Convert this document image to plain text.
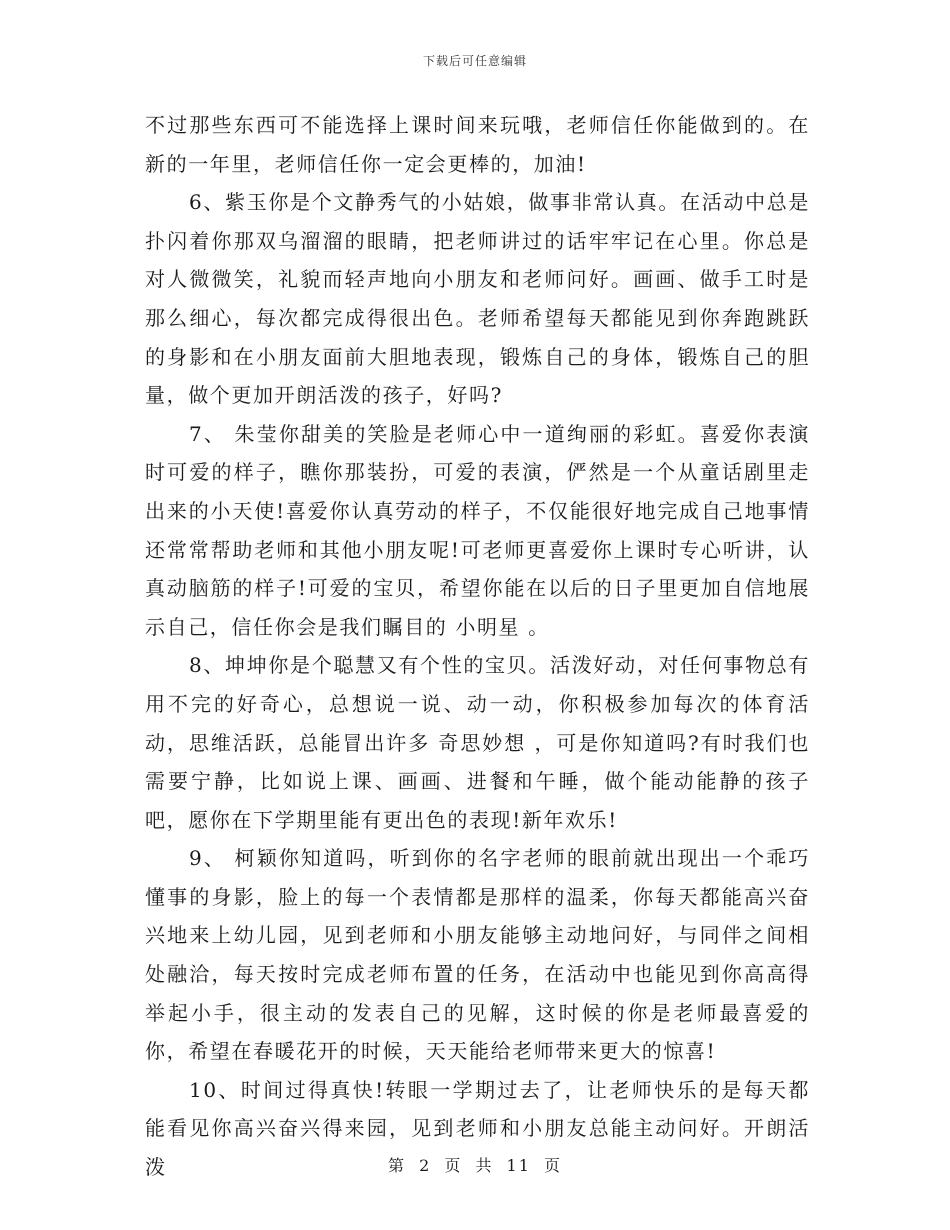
下载后可任意编辑

不过那些东西可不能选择上课时间来玩哦，老师信任你能做到的。在新的一年里，老师信任你一定会更棒的，加油!

6、紫玉你是个文静秀气的小姑娘，做事非常认真。在活动中总是扑闪着你那双乌溜溜的眼睛，把老师讲过的话牢牢记在心里。你总是对人微微笑，礼貌而轻声地向小朋友和老师问好。画画、做手工时是那么细心，每次都完成得很出色。老师希望每天都能见到你奔跑跳跃的身影和在小朋友面前大胆地表现，锻炼自己的身体，锻炼自己的胆量，做个更加开朗活泼的孩子，好吗?

7、 朱莹你甜美的笑脸是老师心中一道绚丽的彩虹。喜爱你表演时可爱的样子，瞧你那装扮，可爱的表演，俨然是一个从童话剧里走出来的小天使!喜爱你认真劳动的样子，不仅能很好地完成自己地事情还常常帮助老师和其他小朋友呢!可老师更喜爱你上课时专心听讲，认真动脑筋的样子!可爱的宝贝，希望你能在以后的日子里更加自信地展示自己，信任你会是我们瞩目的 小明星 。

8、坤坤你是个聪慧又有个性的宝贝。活泼好动，对任何事物总有用不完的好奇心，总想说一说、动一动，你积极参加每次的体育活动，思维活跃，总能冒出许多 奇思妙想 ，可是你知道吗?有时我们也需要宁静，比如说上课、画画、进餐和午睡，做个能动能静的孩子吧，愿你在下学期里能有更出色的表现!新年欢乐!

9、 柯颖你知道吗，听到你的名字老师的眼前就出现出一个乖巧懂事的身影，脸上的每一个表情都是那样的温柔，你每天都能高兴奋兴地来上幼儿园，见到老师和小朋友能够主动地问好，与同伴之间相处融洽，每天按时完成老师布置的任务，在活动中也能见到你高高得举起小手，很主动的发表自己的见解，这时候的你是老师最喜爱的你，希望在春暖花开的时候，天天能给老师带来更大的惊喜!

10、时间过得真快!转眼一学期过去了，让老师快乐的是每天都能看见你高兴奋兴得来园，见到老师和小朋友总能主动问好。开朗活泼	第 2 页 共 11 页
